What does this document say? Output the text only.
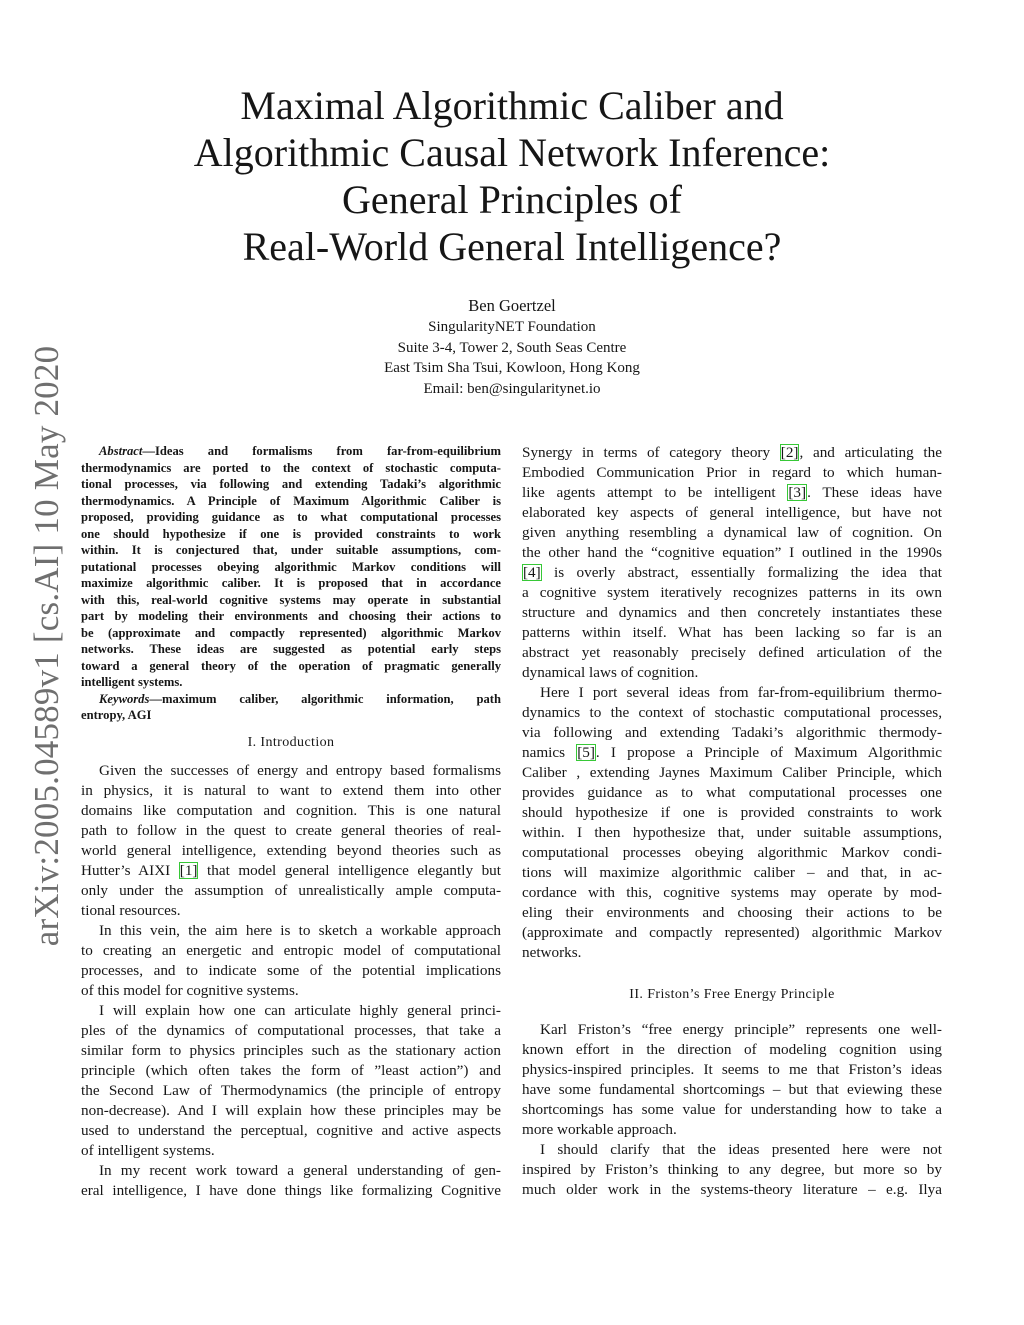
arXiv:2005.04589v1 [cs.AI] 10 May 2020
Maximal Algorithmic Caliber and
Algorithmic Causal Network Inference:
General Principles of
Real-World General Intelligence?
Ben Goertzel
SingularityNET Foundation
Suite 3-4, Tower 2, South Seas Centre
East Tsim Sha Tsui, Kowloon, Hong Kong
Email: ben@singularitynet.io
Abstract—Ideas and formalisms from far-from-equilibrium
thermodynamics are ported to the context of stochastic computa-
tional processes, via following and extending Tadaki’s algorithmic
thermodynamics. A Principle of Maximum Algorithmic Caliber is
proposed, providing guidance as to what computational processes
one should hypothesize if one is provided constraints to work
within. It is conjectured that, under suitable assumptions, com-
putational processes obeying algorithmic Markov conditions will
maximize algorithmic caliber. It is proposed that in accordance
with this, real-world cognitive systems may operate in substantial
part by modeling their environments and choosing their actions to
be (approximate and compactly represented) algorithmic Markov
networks. These ideas are suggested as potential early steps
toward a general theory of the operation of pragmatic generally
intelligent systems.
Keywords—maximum caliber, algorithmic information, path
entropy, AGI
I. Introduction
Given the successes of energy and entropy based formalisms
in physics, it is natural to want to extend them into other
domains like computation and cognition. This is one natural
path to follow in the quest to create general theories of real-
world general intelligence, extending beyond theories such as
Hutter’s AIXI [1] that model general intelligence elegantly but
only under the assumption of unrealistically ample computa-
tional resources.
In this vein, the aim here is to sketch a workable approach
to creating an energetic and entropic model of computational
processes, and to indicate some of the potential implications
of this model for cognitive systems.
I will explain how one can articulate highly general princi-
ples of the dynamics of computational processes, that take a
similar form to physics principles such as the stationary action
principle (which often takes the form of ”least action”) and
the Second Law of Thermodynamics (the principle of entropy
non-decrease). And I will explain how these principles may be
used to understand the perceptual, cognitive and active aspects
of intelligent systems.
In my recent work toward a general understanding of gen-
eral intelligence, I have done things like formalizing Cognitive
Synergy in terms of category theory [2], and articulating the
Embodied Communication Prior in regard to which human-
like agents attempt to be intelligent [3]. These ideas have
elaborated key aspects of general intelligence, but have not
given anything resembling a dynamical law of cognition. On
the other hand the “cognitive equation” I outlined in the 1990s
[4] is overly abstract, essentially formalizing the idea that
a cognitive system iteratively recognizes patterns in its own
structure and dynamics and then concretely instantiates these
patterns within itself. What has been lacking so far is an
abstract yet reasonably precisely defined articulation of the
dynamical laws of cognition.
Here I port several ideas from far-from-equilibrium thermo-
dynamics to the context of stochastic computational processes,
via following and extending Tadaki’s algorithmic thermody-
namics [5]. I propose a Principle of Maximum Algorithmic
Caliber , extending Jaynes Maximum Caliber Principle, which
provides guidance as to what computational processes one
should hypothesize if one is provided constraints to work
within. I then hypothesize that, under suitable assumptions,
computational processes obeying algorithmic Markov condi-
tions will maximize algorithmic caliber – and that, in ac-
cordance with this, cognitive systems may operate by mod-
eling their environments and choosing their actions to be
(approximate and compactly represented) algorithmic Markov
networks.
II. Friston’s Free Energy Principle
Karl Friston’s “free energy principle” represents one well-
known effort in the direction of modeling cognition using
physics-inspired principles. It seems to me that Friston’s ideas
have some fundamental shortcomings – but that eviewing these
shortcomings has some value for understanding how to take a
more workable approach.
I should clarify that the ideas presented here were not
inspired by Friston’s thinking to any degree, but more so by
much older work in the systems-theory literature – e.g. Ilya
